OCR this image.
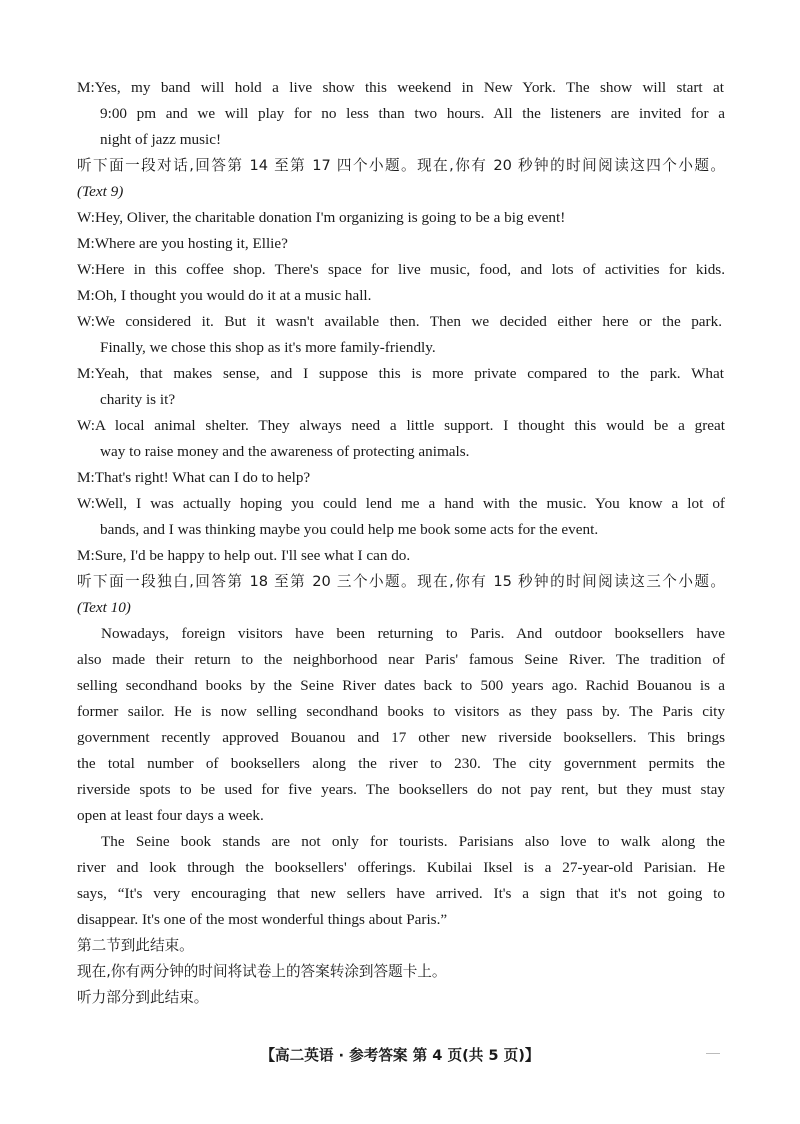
M:Yes, my band will hold a live show this weekend in New York. The show will start at
9:00 pm and we will play for no less than two hours. All the listeners are invited for a
night of jazz music!
听下面一段对话,回答第 14 至第 17 四个小题。现在,你有 20 秒钟的时间阅读这四个小题。
(Text 9)
W:Hey, Oliver, the charitable donation I'm organizing is going to be a big event!
M:Where are you hosting it, Ellie?
W:Here in this coffee shop. There's space for live music, food, and lots of activities for kids.
M:Oh, I thought you would do it at a music hall.
W:We considered it. But it wasn't available then. Then we decided either here or the park.
Finally, we chose this shop as it's more family-friendly.
M:Yeah, that makes sense, and I suppose this is more private compared to the park. What
charity is it?
W:A local animal shelter. They always need a little support. I thought this would be a great
way to raise money and the awareness of protecting animals.
M:That's right! What can I do to help?
W:Well, I was actually hoping you could lend me a hand with the music. You know a lot of
bands, and I was thinking maybe you could help me book some acts for the event.
M:Sure, I'd be happy to help out. I'll see what I can do.
听下面一段独白,回答第 18 至第 20 三个小题。现在,你有 15 秒钟的时间阅读这三个小题。
(Text 10)
Nowadays, foreign visitors have been returning to Paris. And outdoor booksellers have
also made their return to the neighborhood near Paris' famous Seine River. The tradition of
selling secondhand books by the Seine River dates back to 500 years ago. Rachid Bouanou is a
former sailor. He is now selling secondhand books to visitors as they pass by. The Paris city
government recently approved Bouanou and 17 other new riverside booksellers. This brings
the total number of booksellers along the river to 230. The city government permits the
riverside spots to be used for five years. The booksellers do not pay rent, but they must stay
open at least four days a week.
The Seine book stands are not only for tourists. Parisians also love to walk along the
river and look through the booksellers' offerings. Kubilai Iksel is a 27-year-old Parisian. He
says, “It's very encouraging that new sellers have arrived. It's a sign that it's not going to
disappear. It's one of the most wonderful things about Paris.”
第二节到此结束。
现在,你有两分钟的时间将试卷上的答案转涂到答题卡上。
听力部分到此结束。
【高二英语 · 参考答案 第 4 页(共 5 页)】
